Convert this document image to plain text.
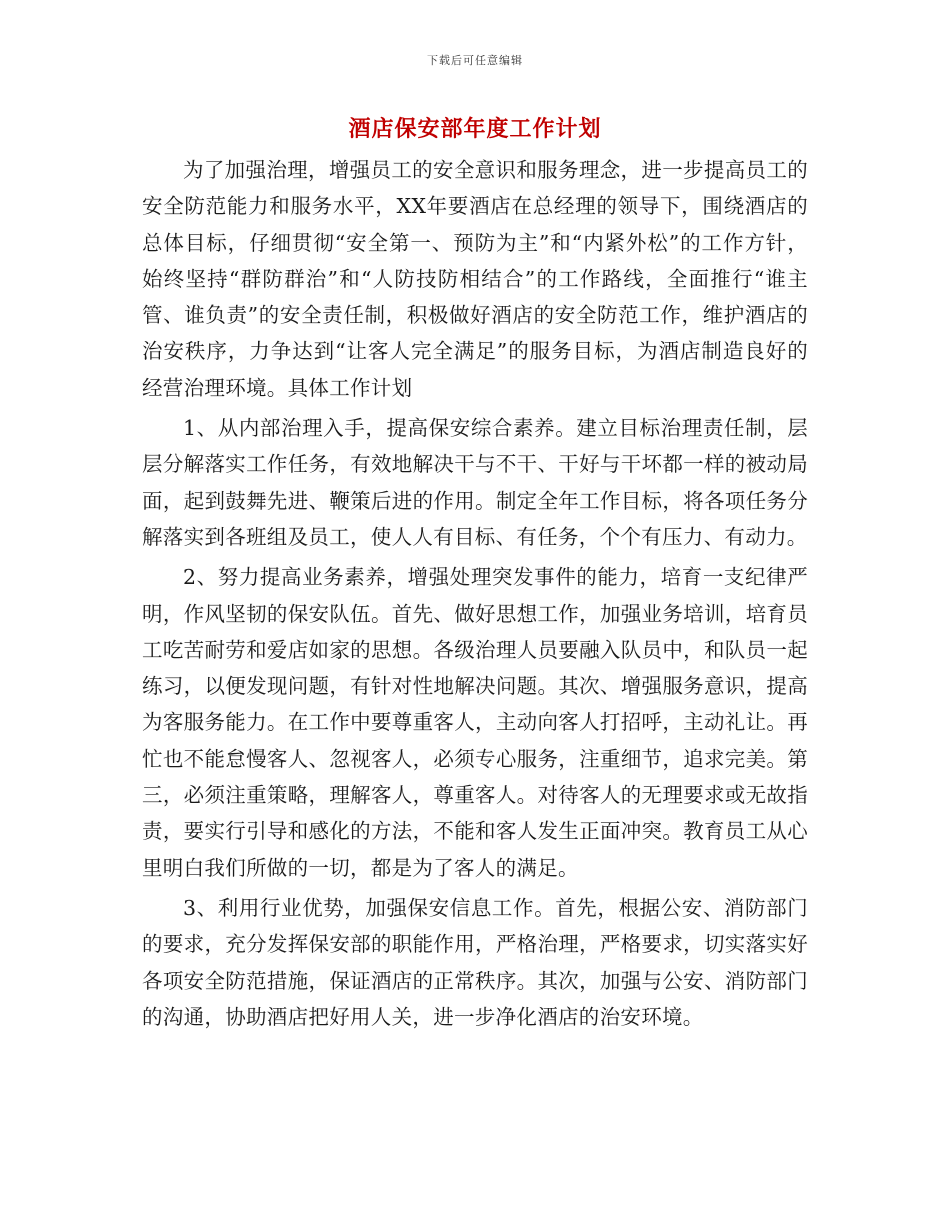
下载后可任意编辑
酒店保安部年度工作计划

为了加强治理，增强员工的安全意识和服务理念，进一步提高员工的安全防范能力和服务水平，XX年要酒店在总经理的领导下，围绕酒店的总体目标，仔细贯彻“安全第一、预防为主”和“内紧外松”的工作方针，始终坚持“群防群治”和“人防技防相结合”的工作路线，全面推行“谁主管、谁负责”的安全责任制，积极做好酒店的安全防范工作，维护酒店的治安秩序，力争达到“让客人完全满足”的服务目标，为酒店制造良好的经营治理环境。具体工作计划

1、从内部治理入手，提高保安综合素养。建立目标治理责任制，层层分解落实工作任务，有效地解决干与不干、干好与干坏都一样的被动局面，起到鼓舞先进、鞭策后进的作用。制定全年工作目标，将各项任务分解落实到各班组及员工，使人人有目标、有任务，个个有压力、有动力。

2、努力提高业务素养，增强处理突发事件的能力，培育一支纪律严明，作风坚韧的保安队伍。首先、做好思想工作，加强业务培训，培育员工吃苦耐劳和爱店如家的思想。各级治理人员要融入队员中，和队员一起练习，以便发现问题，有针对性地解决问题。其次、增强服务意识，提高为客服务能力。在工作中要尊重客人，主动向客人打招呼，主动礼让。再忙也不能怠慢客人、忽视客人，必须专心服务，注重细节，追求完美。第三，必须注重策略，理解客人，尊重客人。对待客人的无理要求或无故指责，要实行引导和感化的方法，不能和客人发生正面冲突。教育员工从心里明白我们所做的一切，都是为了客人的满足。

3、利用行业优势，加强保安信息工作。首先，根据公安、消防部门的要求，充分发挥保安部的职能作用，严格治理，严格要求，切实落实好各项安全防范措施，保证酒店的正常秩序。其次，加强与公安、消防部门的沟通，协助酒店把好用人关，进一步净化酒店的治安环境。
